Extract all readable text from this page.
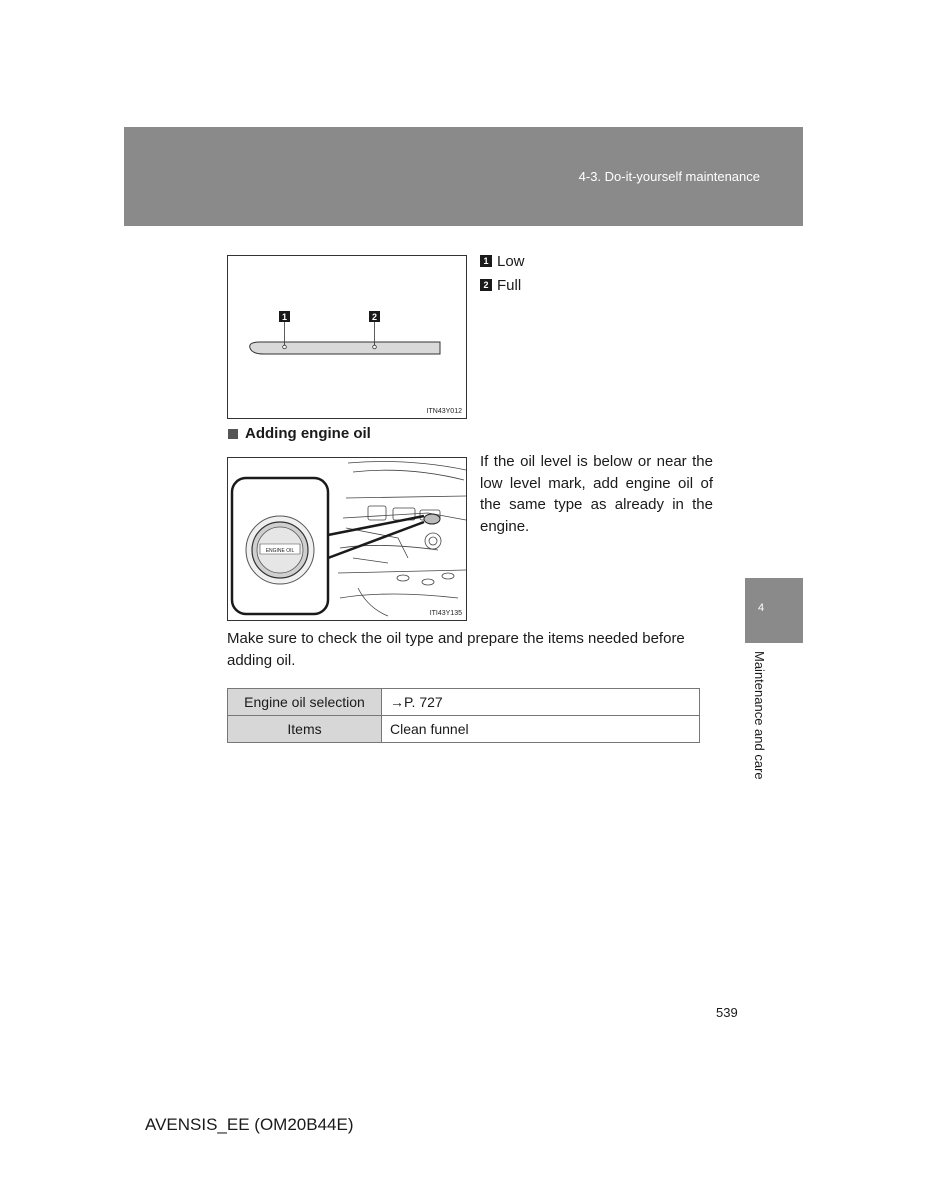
4-3. Do-it-yourself maintenance
1	2
ITN43Y012
1 Low
2 Full
Adding engine oil
ENGINE OIL
ITI43Y135

If the oil level is below or near the low level mark, add engine oil of the same type as already in the engine.

Make sure to check the oil type and prepare the items needed before adding oil.

Engine oil selection	→P. 727
Items	Clean funnel
4
Maintenance and care
539
AVENSIS_EE (OM20B44E)
